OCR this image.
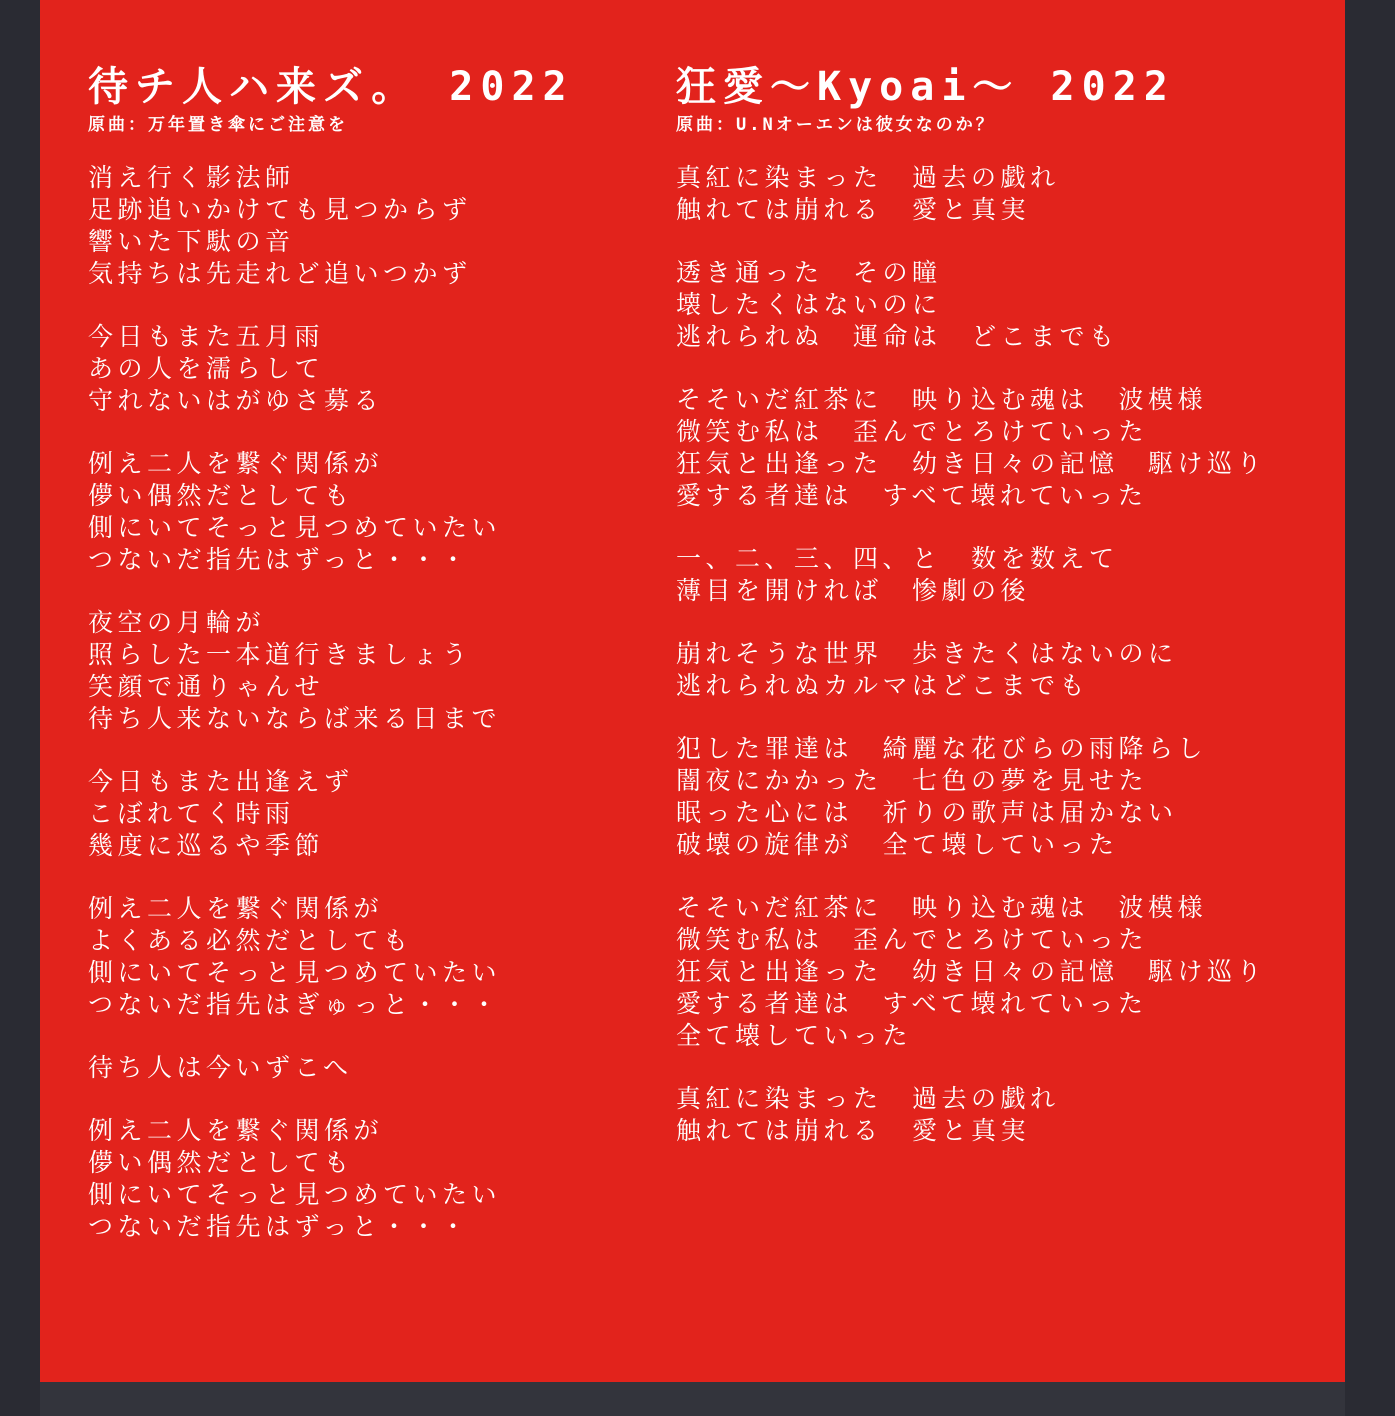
待チ人ハ来ズ。 2022
原曲：万年置き傘にご注意を
消え行く影法師
足跡追いかけても見つからず
響いた下駄の音
気持ちは先走れど追いつかず
今日もまた五月雨
あの人を濡らして
守れないはがゆさ募る
例え二人を繋ぐ関係が
儚い偶然だとしても
側にいてそっと見つめていたい
つないだ指先はずっと・・・
夜空の月輪が
照らした一本道行きましょう
笑顔で通りゃんせ
待ち人来ないならば来る日まで
今日もまた出逢えず
こぼれてく時雨
幾度に巡るや季節
例え二人を繋ぐ関係が
よくある必然だとしても
側にいてそっと見つめていたい
つないだ指先はぎゅっと・・・
待ち人は今いずこへ
例え二人を繋ぐ関係が
儚い偶然だとしても
側にいてそっと見つめていたい
つないだ指先はずっと・・・
狂愛～Kyoai～ 2022
原曲：U.Nオーエンは彼女なのか？
真紅に染まった　過去の戯れ
触れては崩れる　愛と真実
透き通った　その瞳
壊したくはないのに
逃れられぬ　運命は　どこまでも
そそいだ紅茶に　映り込む魂は　波模様
微笑む私は　歪んでとろけていった
狂気と出逢った　幼き日々の記憶　駆け巡り
愛する者達は　すべて壊れていった
一、二、三、四、と　数を数えて
薄目を開ければ　惨劇の後
崩れそうな世界　歩きたくはないのに
逃れられぬカルマはどこまでも
犯した罪達は　綺麗な花びらの雨降らし
闇夜にかかった　七色の夢を見せた
眠った心には　祈りの歌声は届かない
破壊の旋律が　全て壊していった
そそいだ紅茶に　映り込む魂は　波模様
微笑む私は　歪んでとろけていった
狂気と出逢った　幼き日々の記憶　駆け巡り
愛する者達は　すべて壊れていった
全て壊していった
真紅に染まった　過去の戯れ
触れては崩れる　愛と真実
